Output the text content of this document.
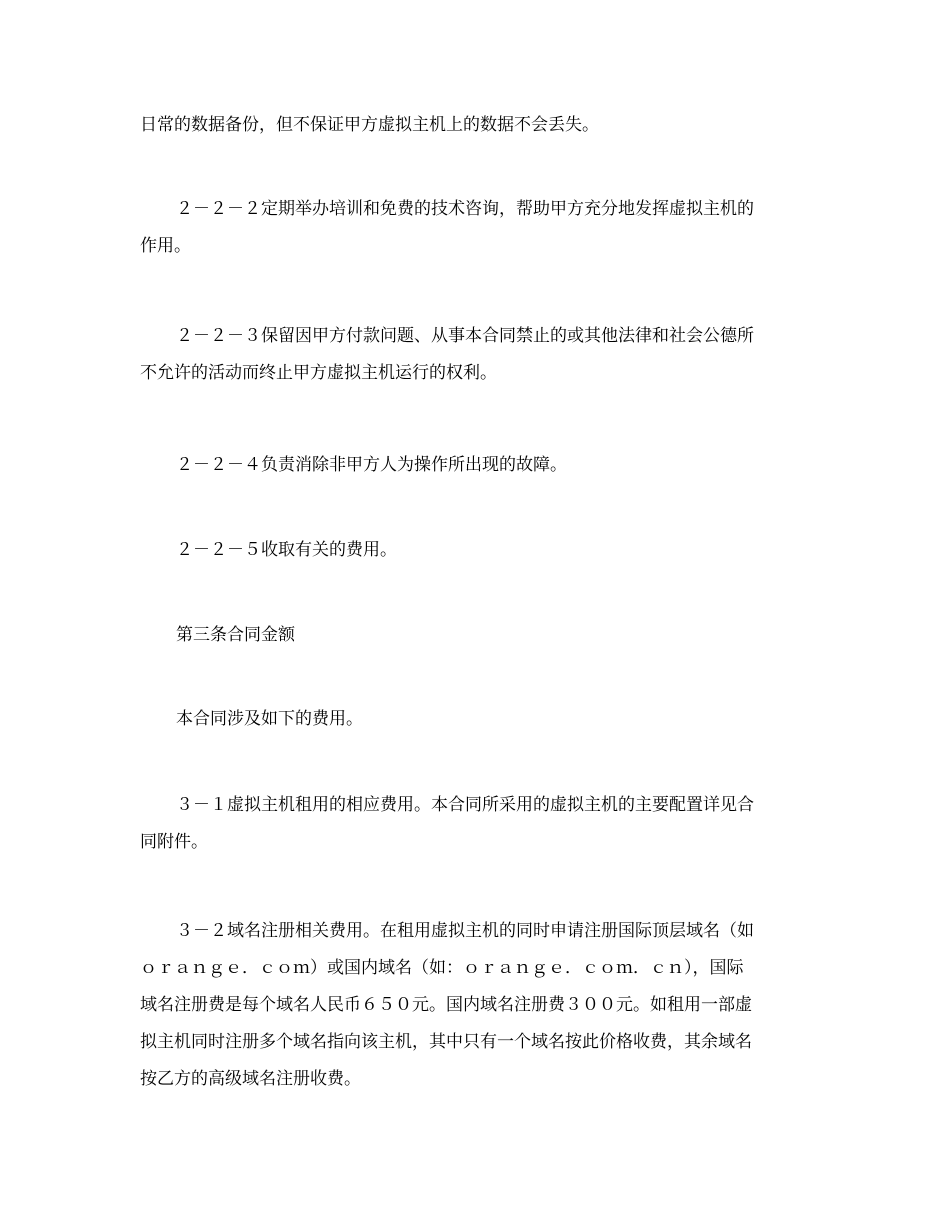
日常的数据备份，但不保证甲方虚拟主机上的数据不会丢失。
２－２－２定期举办培训和免费的技术咨询，帮助甲方充分地发挥虚拟主机的
作用。
２－２－３保留因甲方付款问题、从事本合同禁止的或其他法律和社会公德所
不允许的活动而终止甲方虚拟主机运行的权利。
２－２－４负责消除非甲方人为操作所出现的故障。
２－２－５收取有关的费用。
第三条合同金额
本合同涉及如下的费用。
３－１虚拟主机租用的相应费用。本合同所采用的虚拟主机的主要配置详见合
同附件。
３－２域名注册相关费用。在租用虚拟主机的同时申请注册国际顶层域名（如
ｏｒａｎｇｅ．ｃｏｍ）或国内域名（如：ｏｒａｎｇｅ．ｃｏｍ．ｃｎ），国际
域名注册费是每个域名人民币６５０元。国内域名注册费３００元。如租用一部虚
拟主机同时注册多个域名指向该主机，其中只有一个域名按此价格收费，其余域名
按乙方的高级域名注册收费。
